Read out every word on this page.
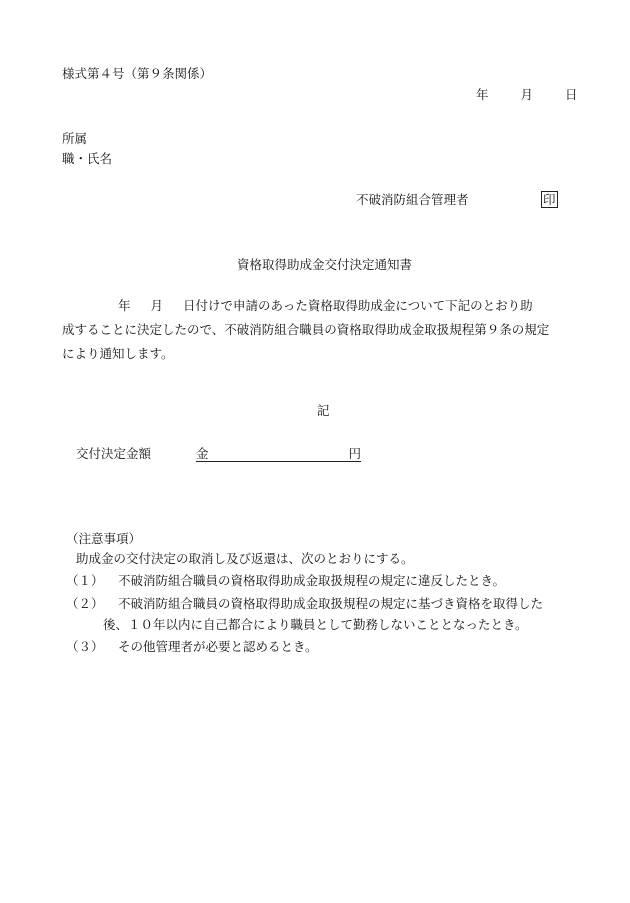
様式第４号（第９条関係）
年	月	日
所属
職・氏名
不破消防組合管理者	印
資格取得助成金交付決定通知書
年 月 日付けで申請のあった資格取得助成金について下記のとおり助
成することに決定したので、不破消防組合職員の資格取得助成金取扱規程第９条の規定
により通知します。
記
交付決定金額	金	円
（注意事項）
助成金の交付決定の取消し及び返還は、次のとおりにする。
（１） 不破消防組合職員の資格取得助成金取扱規程の規定に違反したとき。
（２） 不破消防組合職員の資格取得助成金取扱規程の規定に基づき資格を取得した
後、１０年以内に自己都合により職員として勤務しないこととなったとき。
（３） その他管理者が必要と認めるとき。
